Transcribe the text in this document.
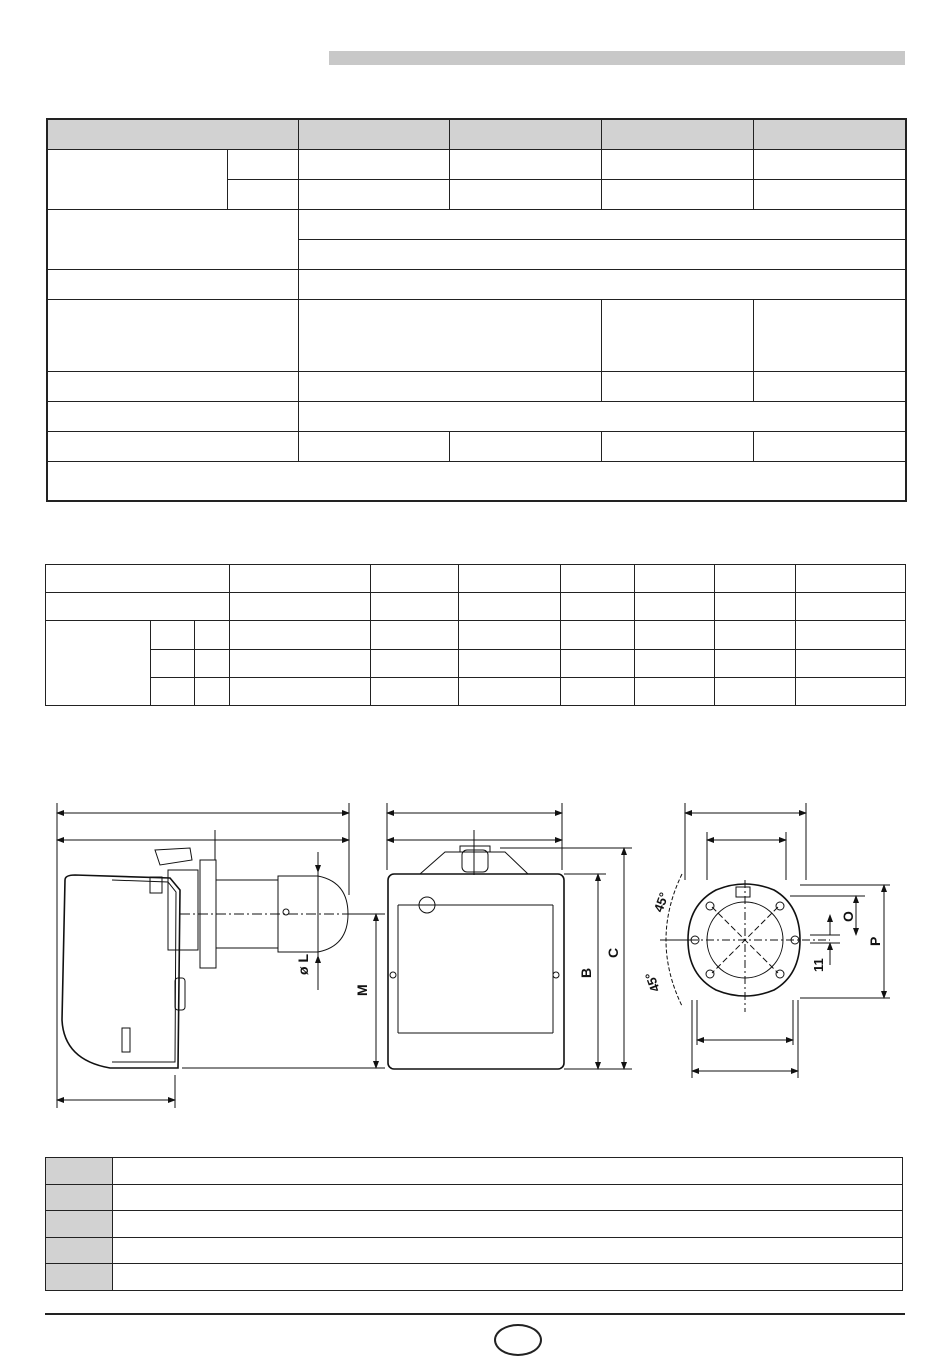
ø L
M
B
C
O
P
11
45°
45°
